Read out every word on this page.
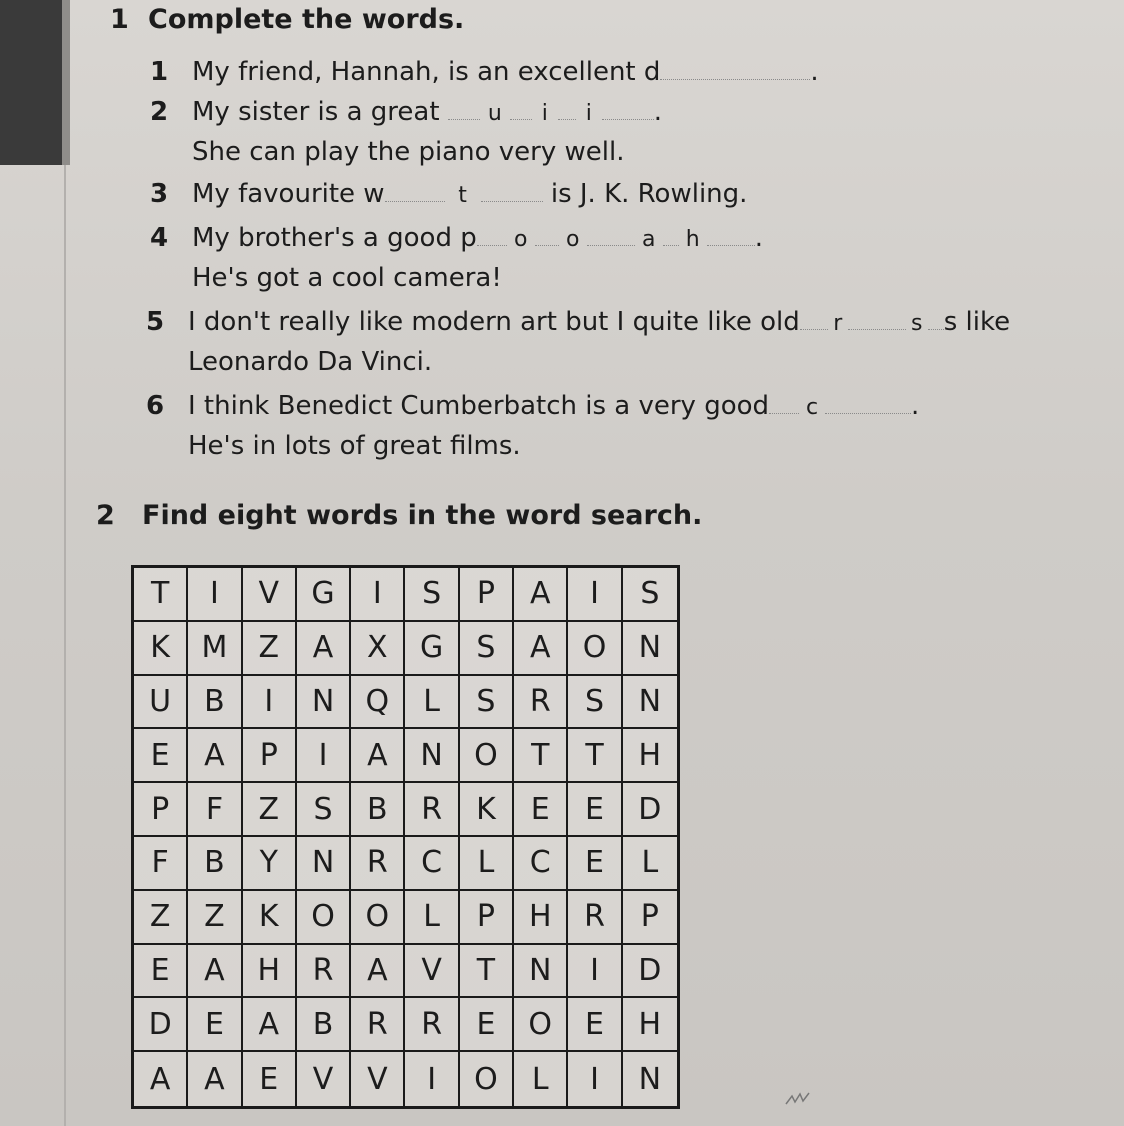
1 Complete the words.
1 My friend, Hannah, is an excellent d	.
2 My sister is a great u i i .
She can play the piano very well.
3 My favourite w	t	is J. K. Rowling.
4 My brother's a good p o o	a h .
He's got a cool camera!
5 I don't really like modern art but I quite like old r	s s like
Leonardo Da Vinci.
6 I think Benedict Cumberbatch is a very good c	.
He's in lots of great films.
2 Find eight words in the word search.
T	I	V	G	I	S	P	A	I	S
K	M	Z	A	X	G	S	A	O	N
U	B	I	N	Q	L	S	R	S	N
E	A	P	I	A	N	O	T	T	H
P	F	Z	S	B	R	K	E	E	D
F	B	Y	N	R	C	L	C	E	L
Z	Z	K	O	O	L	P	H	R	P
E	A	H	R	A	V	T	N	I	D
D	E	A	B	R	R	E	O	E	H
A	A	E	V	V	I	O	L	I	N
